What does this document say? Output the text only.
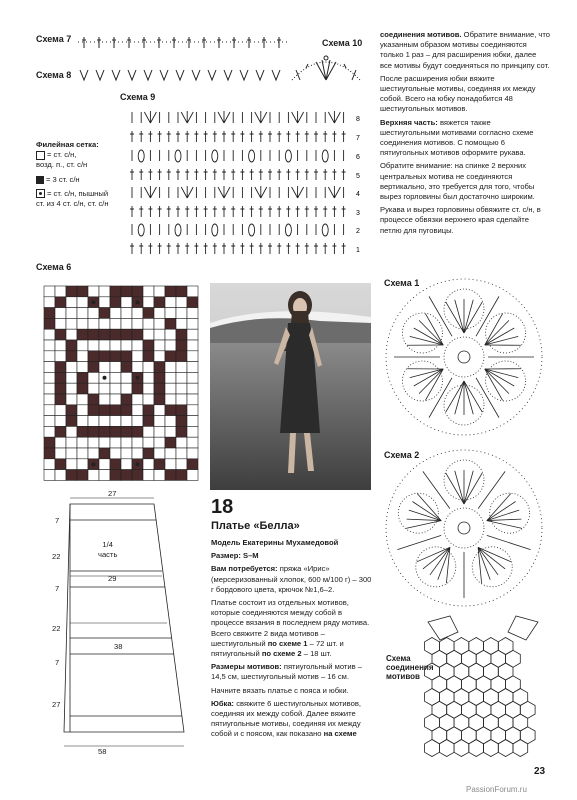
Схема 7
Схема 8
Схема 10
Схема 9
8
7
6
5
4
3
2
1
Филейная сетка:
= ст. с/н,
возд. п., ст. с/н
= 3 ст. с/н
= ст. с/н, пышный
ст. из 4 ст. с/н, ст. с/н
Схема 6

соединения мотивов. Обратите внимание, что указанным образом мотивы соединяются только 1 раз – для расширения юбки, далее все мотивы будут соединяться по принципу сот.

После расширения юбки вяжите шестиугольные мотивы, соединяя их между собой. Всего на юбку понадобится 48 шестиугольных мотивов.

Верхняя часть: вяжется также шестиугольными мотивами согласно схеме соединения мотивов. С помощью 6 пятиугольных мотивов оформите рукава.

Обратите внимание: на спинке 2 верхних центральных мотива не соединяются вертикально, это требуется для того, чтобы вырез горловины был достаточно широким.

Рукава и вырез горловины обвяжите ст. с/н, в процессе обвязки верхнего края сделайте петлю для пуговицы.

Схема 1
Схема 2
Схема соединения мотивов
27
1/4
часть
29
38
58
7
22
7
22
7
27
18
Платье «Белла»

Модель Екатерины Мухамедовой

Размер: S–M

Вам потребуется: пряжа «Ирис» (мерсеризованный хлопок, 600 м/100 г) – 300 г бордового цвета, крючок №1,6–2.

Платье состоит из отдельных мотивов, которые соединяются между собой в процессе вязания в последнем ряду мотива. Всего свяжите 2 вида мотивов – шестиугольный по схеме 1 – 72 шт. и пятиугольный по схеме 2 – 18 шт.

Размеры мотивов: пятиугольный мотив – 14,5 см, шестиугольный мотив – 16 см.

Начните вязать платье с пояса и юбки.

Юбка: свяжите 6 шестиугольных мотивов, соединяя их между собой. Далее вяжите пятиугольные мотивы, соединяя их между собой и с поясом, как показано на схеме

23
PassionForum.ru
